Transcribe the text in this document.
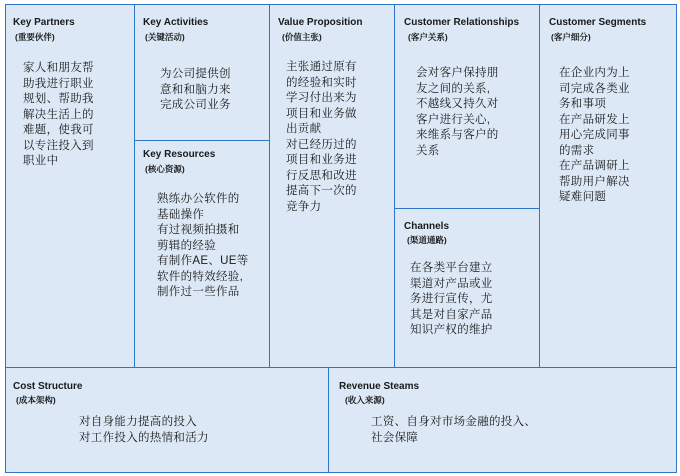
Key Partners
(重要伙伴)
家人和朋友帮
助我进行职业
规划、帮助我
解决生活上的
难题，使我可
以专注投入到
职业中
Key Activities
(关键活动)
为公司提供创
意和和脑力来
完成公司业务
Key Resources
(核心资源)
熟练办公软件的
基础操作
有过视频拍摄和
剪辑的经验
有制作AE、UE等
软件的特效经验,
制作过一些作品
Value Proposition
(价值主张)
主张通过原有
的经验和实时
学习付出来为
项目和业务做
出贡献
对已经历过的
项目和业务进
行反思和改进
提高下一次的
竞争力
Customer Relationships
(客户关系)
会对客户保持朋
友之间的关系,
不越线又持久对
客户进行关心,
来维系与客户的
关系
Channels
(渠道通路)
在各类平台建立
渠道对产品或业
务进行宣传，尤
其是对自家产品
知识产权的维护
Customer Segments
(客户细分)
在企业内为上
司完成各类业
务和事项
在产品研发上
用心完成同事
的需求
在产品调研上
帮助用户解决
疑难问题
Cost Structure
(成本架构)
对自身能力提高的投入
对工作投入的热情和活力
Revenue Steams
(收入来源)
工资、自身对市场金融的投入、
社会保障
